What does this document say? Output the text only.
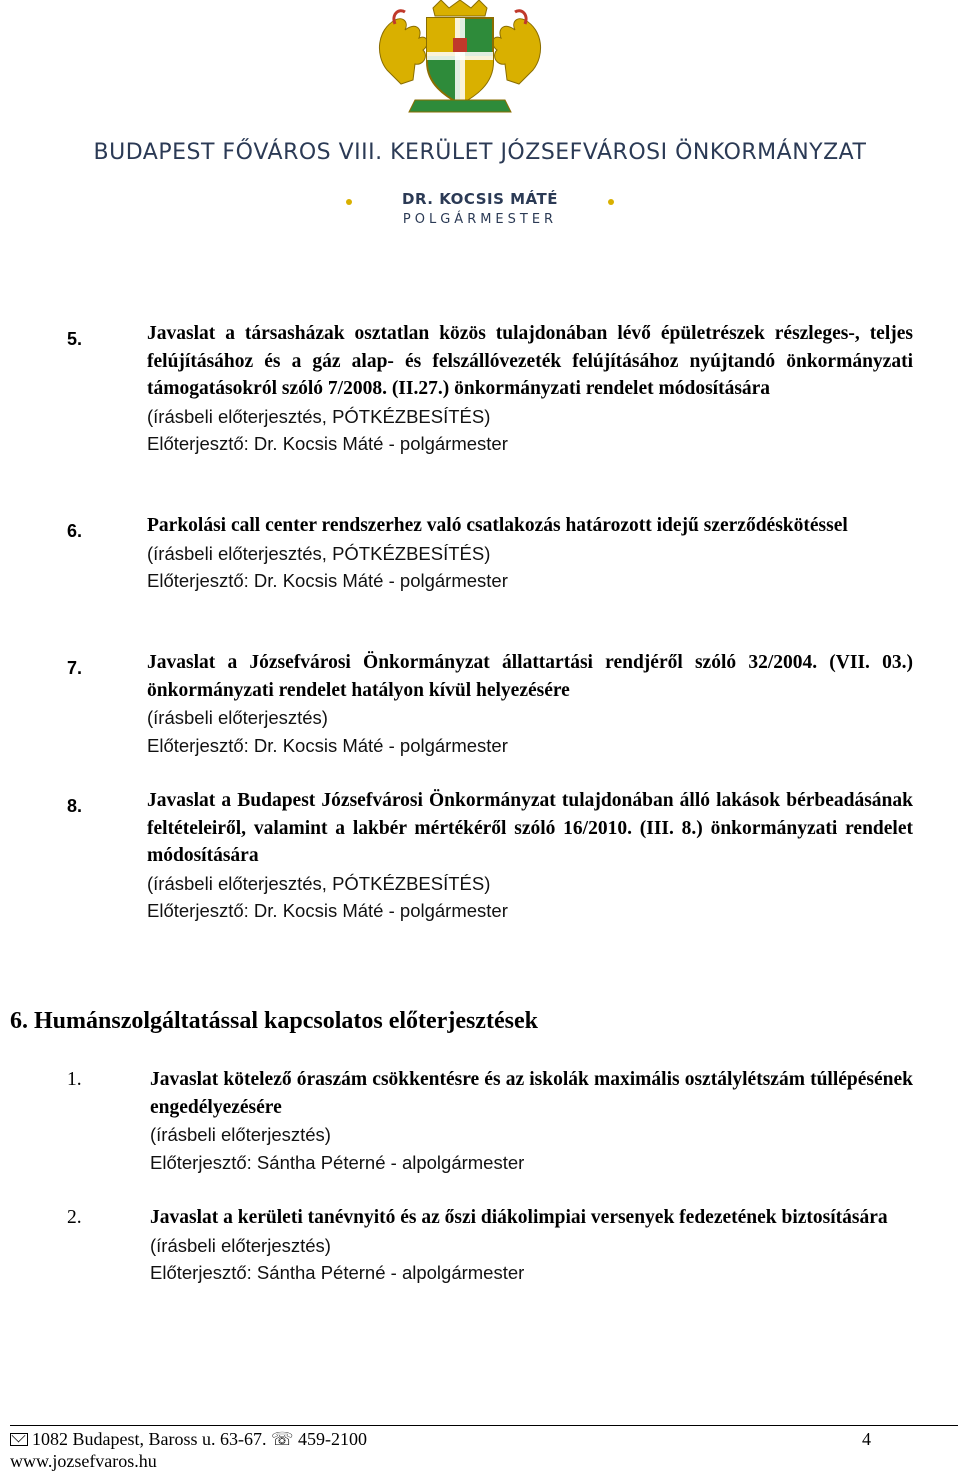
BUDAPEST FŐVÁROS VIII. KERÜLET JÓZSEFVÁROSI ÖNKORMÁNYZAT
DR. KOCSIS MÁTÉ
POLGÁRMESTER
5.	Javaslat a társasházak osztatlan közös tulajdonában lévő épületrészek részleges-, teljes felújításához és a gáz alap- és felszállóvezeték felújításához nyújtandó önkormányzati támogatásokról szóló 7/2008. (II.27.) önkormányzati rendelet módosítására
(írásbeli előterjesztés, PÓTKÉZBESÍTÉS)
Előterjesztő: Dr. Kocsis Máté - polgármester
6.	Parkolási call center rendszerhez való csatlakozás határozott idejű szerződéskötéssel
(írásbeli előterjesztés, PÓTKÉZBESÍTÉS)
Előterjesztő: Dr. Kocsis Máté - polgármester
7.	Javaslat a Józsefvárosi Önkormányzat állattartási rendjéről szóló 32/2004. (VII. 03.) önkormányzati rendelet hatályon kívül helyezésére
(írásbeli előterjesztés)
Előterjesztő: Dr. Kocsis Máté - polgármester
8.	Javaslat a Budapest Józsefvárosi Önkormányzat tulajdonában álló lakások bérbeadásának feltételeiről, valamint a lakbér mértékéről szóló 16/2010. (III. 8.) önkormányzati rendelet módosítására
(írásbeli előterjesztés, PÓTKÉZBESÍTÉS)
Előterjesztő: Dr. Kocsis Máté - polgármester
6. Humánszolgáltatással kapcsolatos előterjesztések
1.	Javaslat kötelező óraszám csökkentésre és az iskolák maximális osztálylétszám túllépésének engedélyezésére
(írásbeli előterjesztés)
Előterjesztő: Sántha Péterné - alpolgármester
2.	Javaslat a kerületi tanévnyitó és az őszi diákolimpiai versenyek fedezetének biztosítására
(írásbeli előterjesztés)
Előterjesztő: Sántha Péterné - alpolgármester
1082 Budapest, Baross u. 63-67. ☏ 459-2100
www.jozsefvaros.hu
4
